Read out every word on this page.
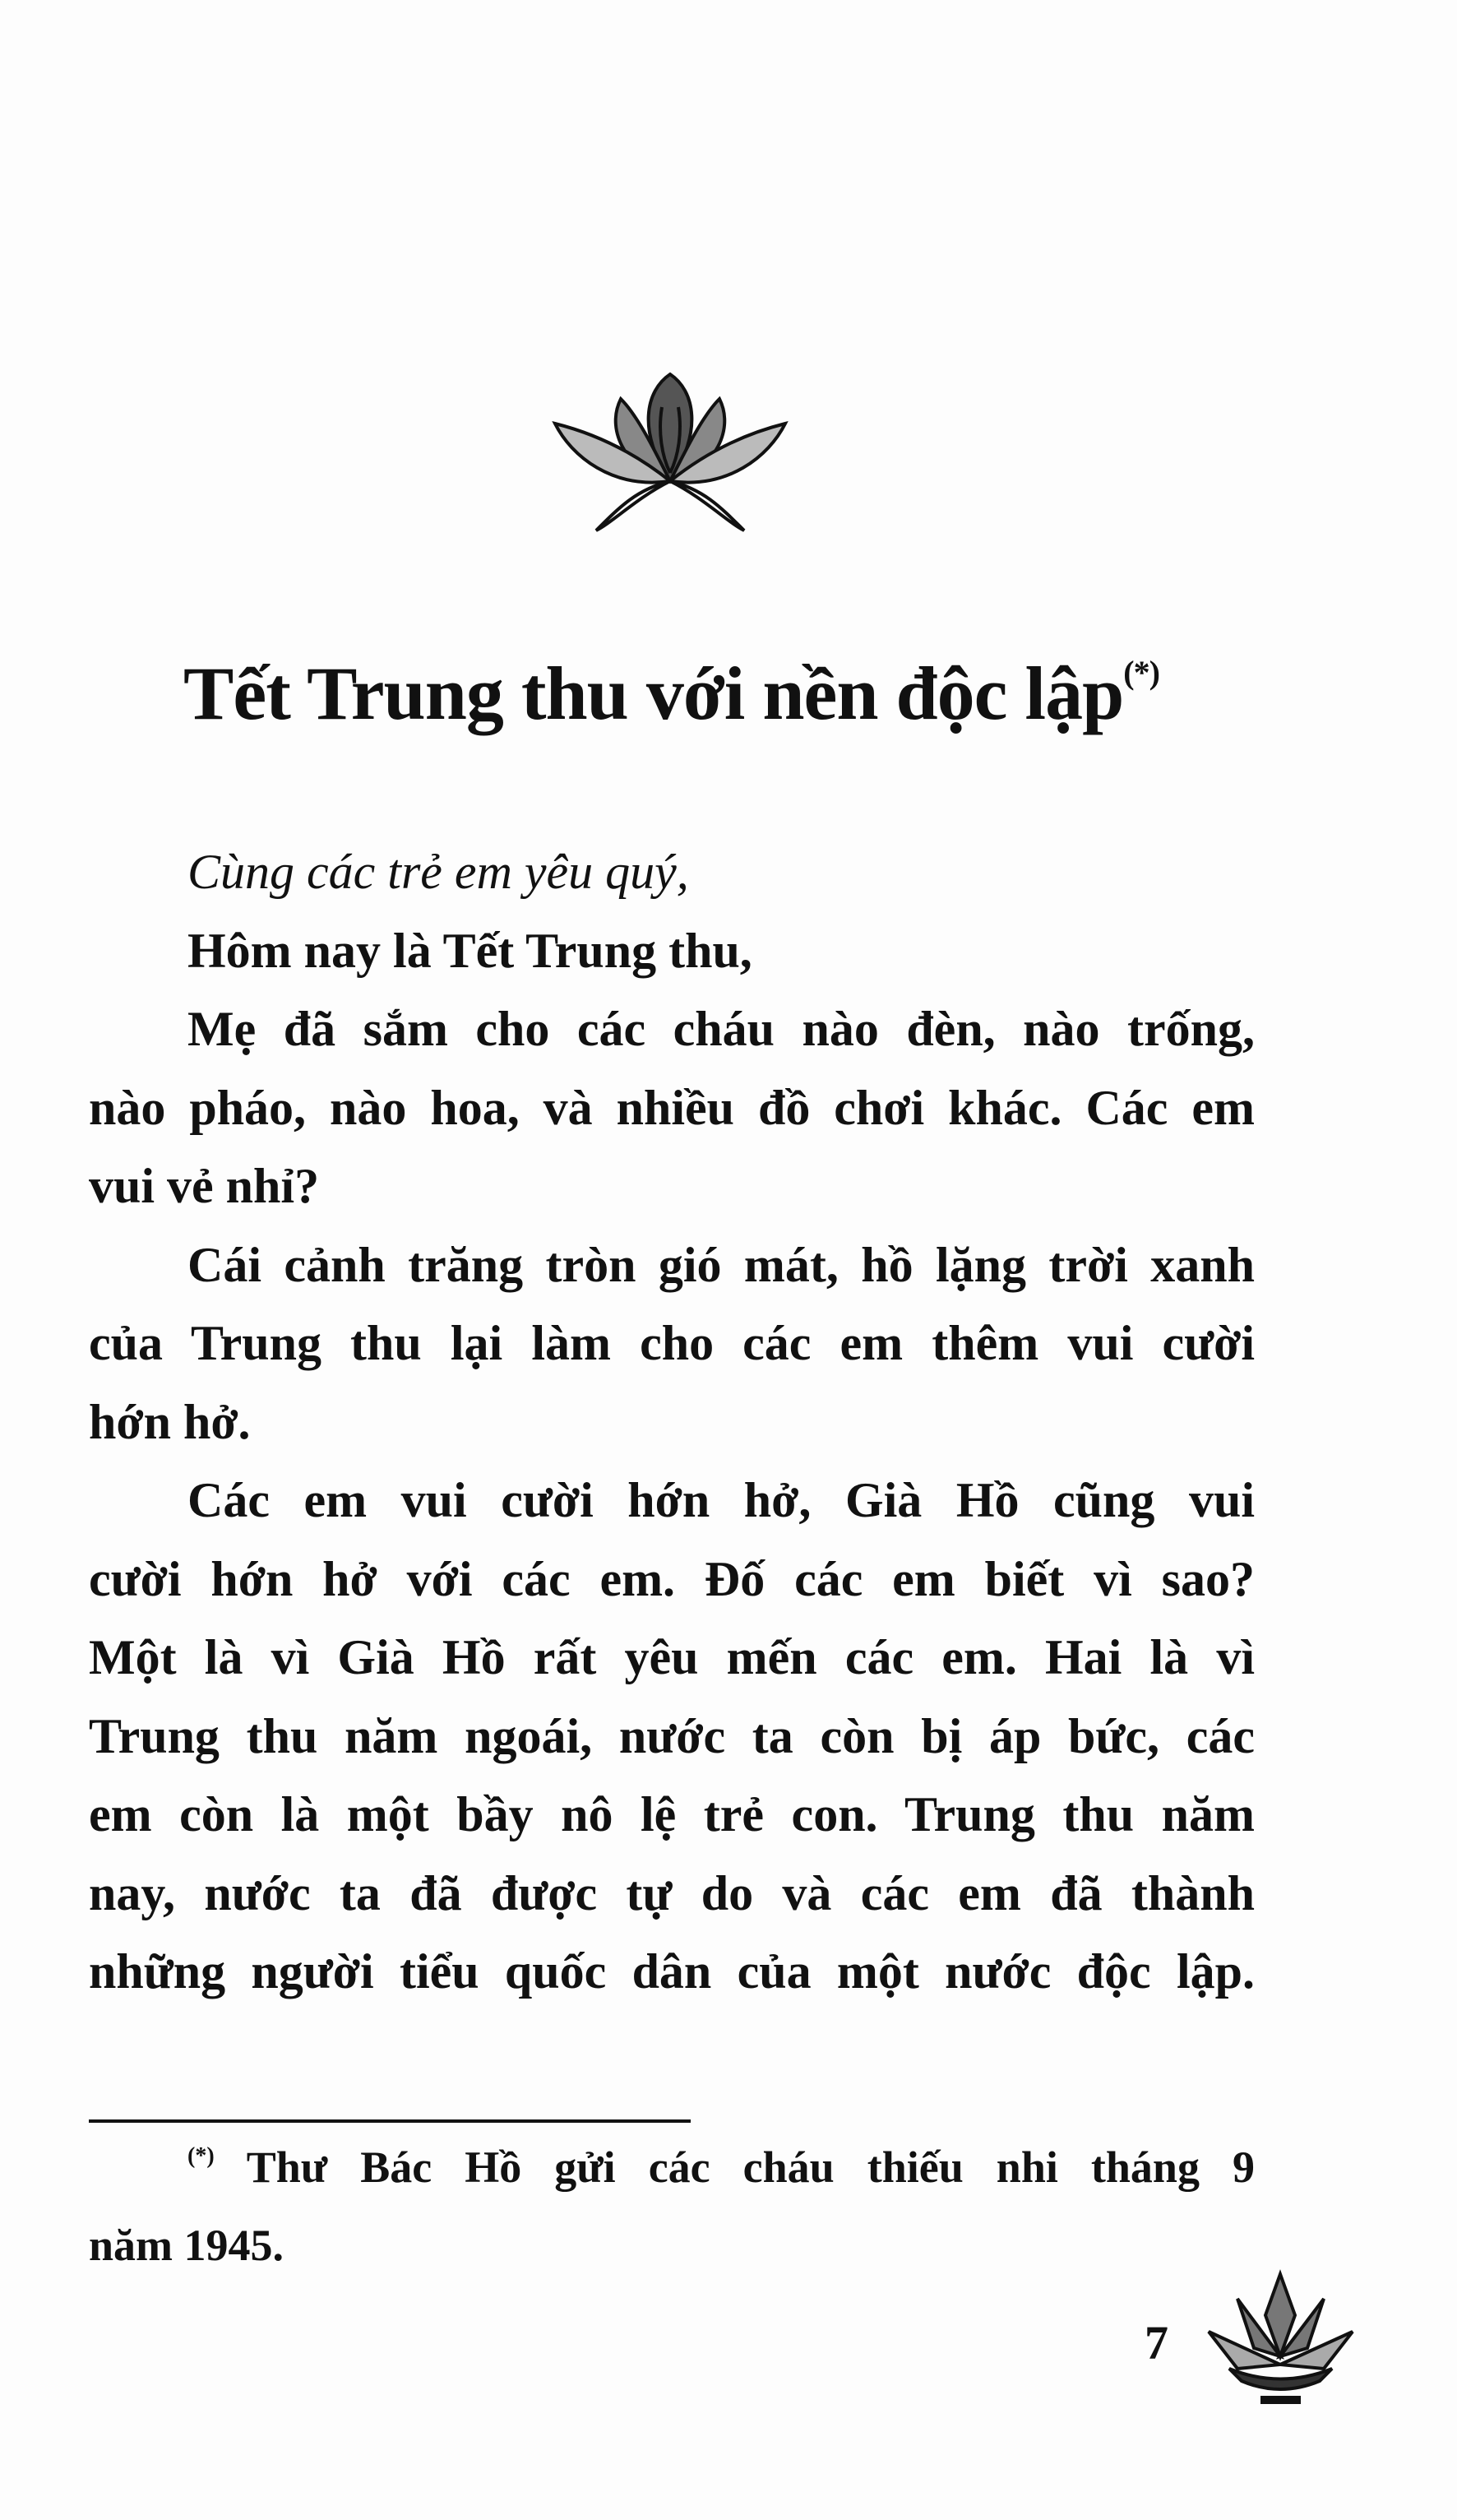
Tết Trung thu với nền độc lập(*)
Cùng các trẻ em yêu quý,
Hôm nay là Tết Trung thu,
Mẹ đã sắm cho các cháu nào đèn, nào trống,
nào pháo, nào hoa, và nhiều đồ chơi khác. Các em
vui vẻ nhỉ?
Cái cảnh trăng tròn gió mát, hồ lặng trời xanh
của Trung thu lại làm cho các em thêm vui cười
hớn hở.
Các em vui cười hớn hở, Già Hồ cũng vui
cười hớn hở với các em. Đố các em biết vì sao?
Một là vì Già Hồ rất yêu mến các em. Hai là vì
Trung thu năm ngoái, nước ta còn bị áp bức, các
em còn là một bầy nô lệ trẻ con. Trung thu năm
nay, nước ta đã được tự do và các em đã thành
những người tiểu quốc dân của một nước độc lập.
(*) Thư Bác Hồ gửi các cháu thiếu nhi tháng 9
năm 1945.
7
